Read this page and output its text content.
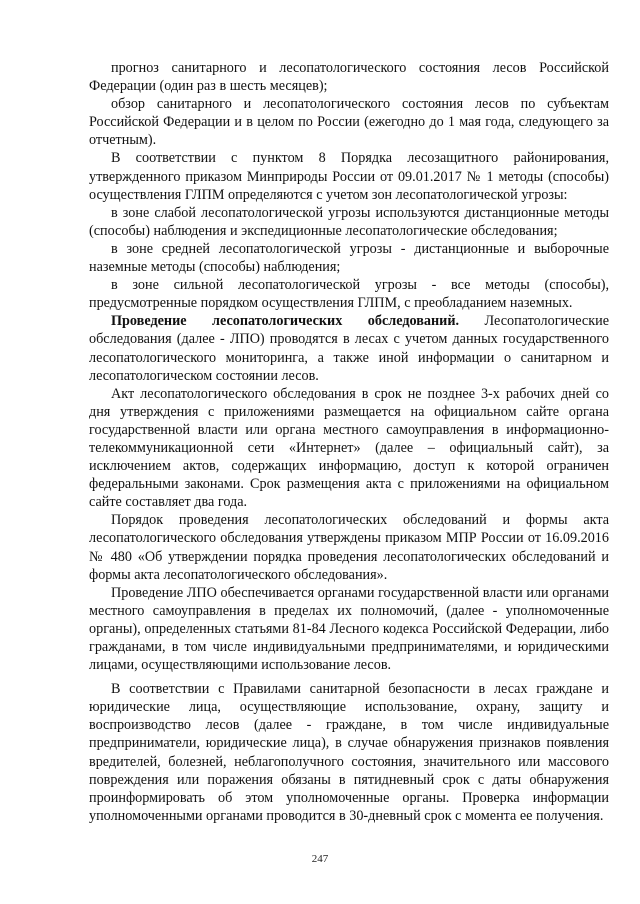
прогноз санитарного и лесопатологического состояния лесов Российской Федерации (один раз в шесть месяцев);

обзор санитарного и лесопатологического состояния лесов по субъектам Российской Федерации и в целом по России (ежегодно до 1 мая года, следующего за отчетным).

В соответствии с пунктом 8 Порядка лесозащитного районирования, утвержденного приказом Минприроды России от 09.01.2017 № 1 методы (способы) осуществления ГЛПМ определяются с учетом зон лесопатологической угрозы:

в зоне слабой лесопатологической угрозы используются дистанционные методы (способы) наблюдения и экспедиционные лесопатологические обследования;

в зоне средней лесопатологической угрозы - дистанционные и выборочные наземные методы (способы) наблюдения;

в зоне сильной лесопатологической угрозы - все методы (способы), предусмотренные порядком осуществления ГЛПМ, с преобладанием наземных.

Проведение лесопатологических обследований. Лесопатологические обследования (далее - ЛПО) проводятся в лесах с учетом данных государственного лесопатологического мониторинга, а также иной информации о санитарном и лесопатологическом состоянии лесов.

Акт лесопатологического обследования в срок не позднее 3-х рабочих дней со дня утверждения с приложениями размещается на официальном сайте органа государственной власти или органа местного самоуправления в информационно-телекоммуникационной сети «Интернет» (далее – официальный сайт), за исключением актов, содержащих информацию, доступ к которой ограничен федеральными законами. Срок размещения акта с приложениями на официальном сайте составляет два года.

Порядок проведения лесопатологических обследований и формы акта лесопатологического обследования утверждены приказом МПР России от 16.09.2016 № 480 «Об утверждении порядка проведения лесопатологических обследований и формы акта лесопатологического обследования».

Проведение ЛПО обеспечивается органами государственной власти или органами местного самоуправления в пределах их полномочий, (далее - уполномоченные органы), определенных статьями 81-84 Лесного кодекса Российской Федерации, либо гражданами, в том числе индивидуальными предпринимателями, и юридическими лицами, осуществляющими использование лесов.

В соответствии с Правилами санитарной безопасности в лесах граждане и юридические лица, осуществляющие использование, охрану, защиту и воспроизводство лесов (далее - граждане, в том числе индивидуальные предприниматели, юридические лица), в случае обнаружения признаков появления вредителей, болезней, неблагополучного состояния, значительного или массового повреждения или поражения обязаны в пятидневный срок с даты обнаружения проинформировать об этом уполномоченные органы. Проверка информации уполномоченными органами проводится в 30-дневный срок с момента ее получения.

247
